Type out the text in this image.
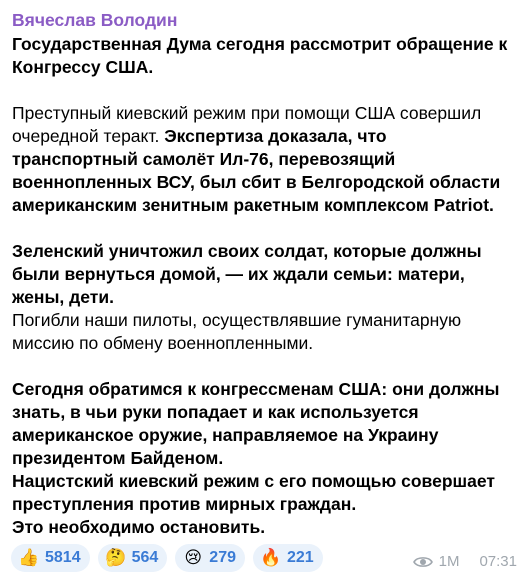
Вячеслав Володин
Государственная Дума сегодня рассмотрит обращение к
Конгрессу США.
Преступный киевский режим при помощи США совершил
очередной теракт. Экспертиза доказала, что
транспортный самолёт Ил-76, перевозящий
военнопленных ВСУ, был сбит в Белгородской области
американским зенитным ракетным комплексом Patriot.
Зеленский уничтожил своих солдат, которые должны
были вернуться домой, — их ждали семьи: матери,
жены, дети.
Погибли наши пилоты, осуществлявшие гуманитарную
миссию по обмену военнопленными.
Сегодня обратимся к конгрессменам США: они должны
знать, в чьи руки попадает и как используется
американское оружие, направляемое на Украину
президентом Байденом.
Нацистский киевский режим с его помощью совершает
преступления против мирных граждан.
Это необходимо остановить.
👍 5814 🤔 564 😢 279 🔥 221	1M 07:31
